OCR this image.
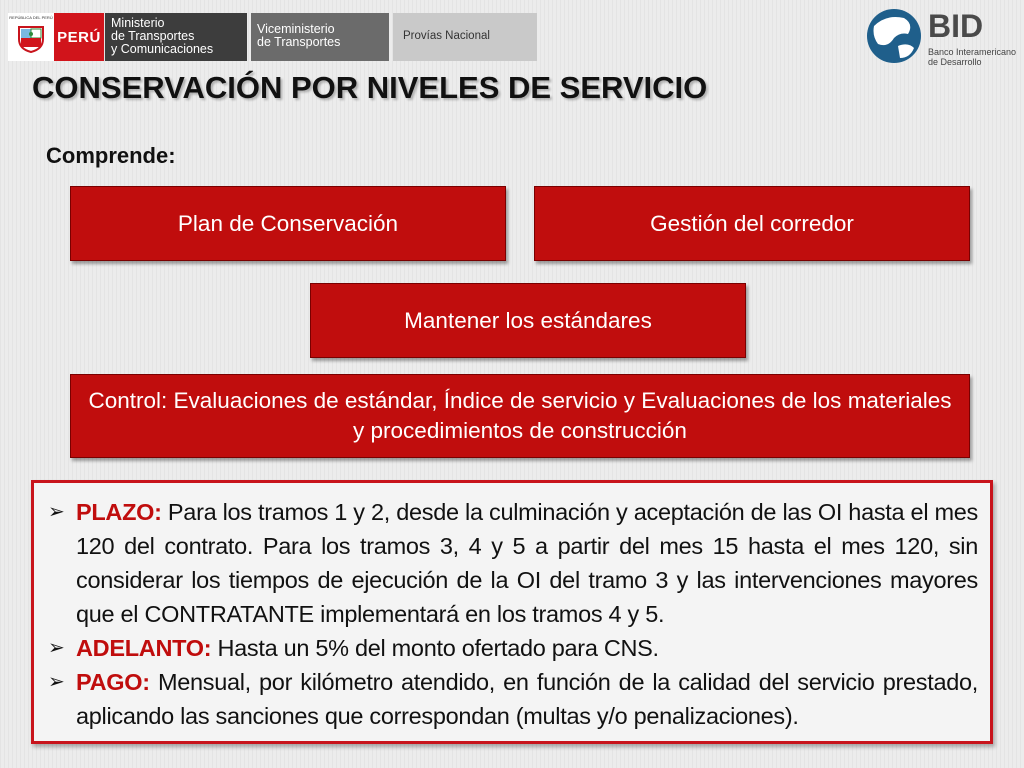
REPÚBLICA DEL PERÚ
PERÚ
Ministerio
de Transportes
y Comunicaciones
Viceministerio
de Transportes	Provías Nacional	BID
Banco Interamericano
de Desarrollo
CONSERVACIÓN POR NIVELES DE SERVICIO
Comprende:
Plan de Conservación	Gestión del corredor
Mantener los estándares
Control: Evaluaciones de estándar, Índice de servicio y Evaluaciones de los materiales y procedimientos de construcción
➢ PLAZO: Para los tramos 1 y 2, desde la culminación y aceptación de las OI hasta el mes 120 del contrato. Para los tramos 3, 4 y 5 a partir del mes 15 hasta el mes 120, sin considerar los tiempos de ejecución de la OI del tramo 3 y las intervenciones mayores que el CONTRATANTE implementará en los tramos 4 y 5.
➢ ADELANTO: Hasta un 5% del monto ofertado para CNS.
➢ PAGO: Mensual, por kilómetro atendido, en función de la calidad del servicio prestado, aplicando las sanciones que correspondan (multas y/o penalizaciones).
